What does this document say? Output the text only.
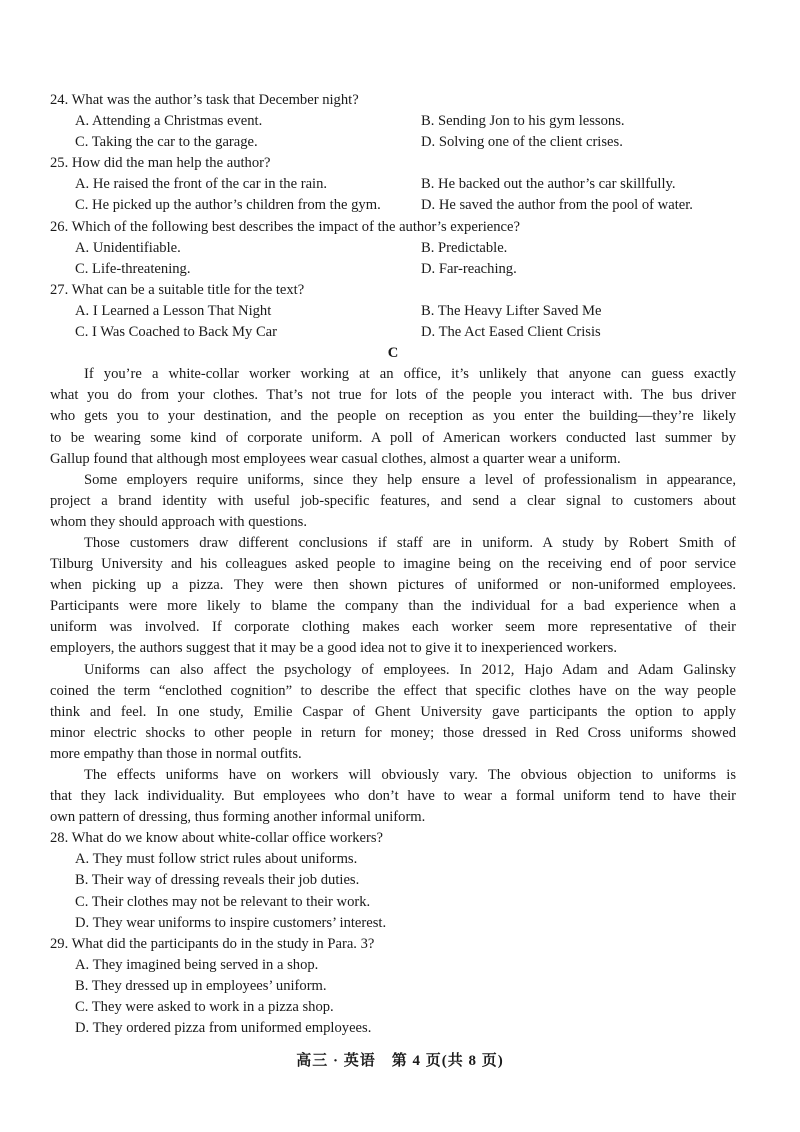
24. What was the author’s task that December night?
A. Attending a Christmas event.	B. Sending Jon to his gym lessons.
C. Taking the car to the garage.	D. Solving one of the client crises.
25. How did the man help the author?
A. He raised the front of the car in the rain.	B. He backed out the author’s car skillfully.
C. He picked up the author’s children from the gym.	D. He saved the author from the pool of water.
26. Which of the following best describes the impact of the author’s experience?
A. Unidentifiable.	B. Predictable.
C. Life-threatening.	D. Far-reaching.
27. What can be a suitable title for the text?
A. I Learned a Lesson That Night	B. The Heavy Lifter Saved Me
C. I Was Coached to Back My Car	D. The Act Eased Client Crisis
C
If you’re a white-collar worker working at an office, it’s unlikely that anyone can guess exactly
what you do from your clothes. That’s not true for lots of the people you interact with. The bus driver
who gets you to your destination, and the people on reception as you enter the building—they’re likely
to be wearing some kind of corporate uniform. A poll of American workers conducted last summer by
Gallup found that although most employees wear casual clothes, almost a quarter wear a uniform.
Some employers require uniforms, since they help ensure a level of professionalism in appearance,
project a brand identity with useful job-specific features, and send a clear signal to customers about
whom they should approach with questions.
Those customers draw different conclusions if staff are in uniform. A study by Robert Smith of
Tilburg University and his colleagues asked people to imagine being on the receiving end of poor service
when picking up a pizza. They were then shown pictures of uniformed or non-uniformed employees.
Participants were more likely to blame the company than the individual for a bad experience when a
uniform was involved. If corporate clothing makes each worker seem more representative of their
employers, the authors suggest that it may be a good idea not to give it to inexperienced workers.
Uniforms can also affect the psychology of employees. In 2012, Hajo Adam and Adam Galinsky
coined the term “enclothed cognition” to describe the effect that specific clothes have on the way people
think and feel. In one study, Emilie Caspar of Ghent University gave participants the option to apply
minor electric shocks to other people in return for money; those dressed in Red Cross uniforms showed
more empathy than those in normal outfits.
The effects uniforms have on workers will obviously vary. The obvious objection to uniforms is
that they lack individuality. But employees who don’t have to wear a formal uniform tend to have their
own pattern of dressing, thus forming another informal uniform.
28. What do we know about white-collar office workers?
A. They must follow strict rules about uniforms.
B. Their way of dressing reveals their job duties.
C. Their clothes may not be relevant to their work.
D. They wear uniforms to inspire customers’ interest.
29. What did the participants do in the study in Para. 3?
A. They imagined being served in a shop.
B. They dressed up in employees’ uniform.
C. They were asked to work in a pizza shop.
D. They ordered pizza from uniformed employees.
高三 · 英语　第 4 页(共 8 页)
